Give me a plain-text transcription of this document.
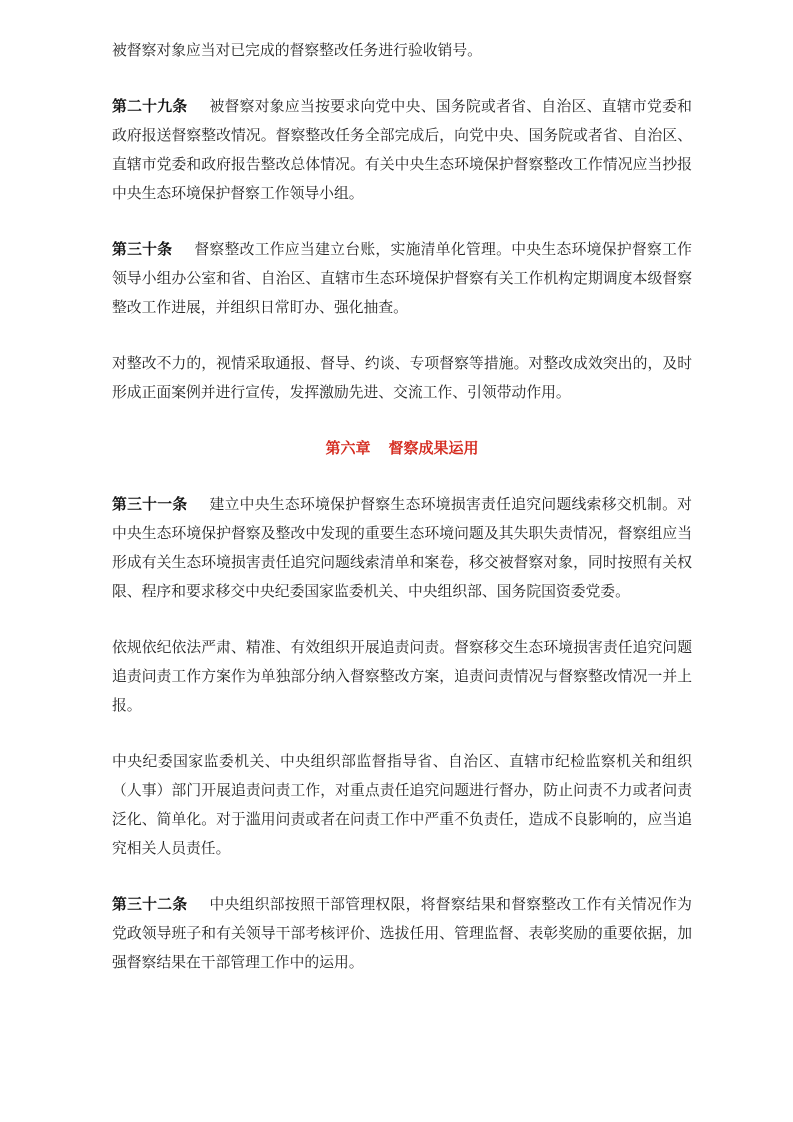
被督察对象应当对已完成的督察整改任务进行验收销号。

第二十九条 被督察对象应当按要求向党中央、国务院或者省、自治区、直辖市党委和政府报送督察整改情况。督察整改任务全部完成后，向党中央、国务院或者省、自治区、直辖市党委和政府报告整改总体情况。有关中央生态环境保护督察整改工作情况应当抄报中央生态环境保护督察工作领导小组。

第三十条 督察整改工作应当建立台账，实施清单化管理。中央生态环境保护督察工作领导小组办公室和省、自治区、直辖市生态环境保护督察有关工作机构定期调度本级督察整改工作进展，并组织日常盯办、强化抽查。

对整改不力的，视情采取通报、督导、约谈、专项督察等措施。对整改成效突出的，及时形成正面案例并进行宣传，发挥激励先进、交流工作、引领带动作用。

第六章 督察成果运用

第三十一条 建立中央生态环境保护督察生态环境损害责任追究问题线索移交机制。对中央生态环境保护督察及整改中发现的重要生态环境问题及其失职失责情况，督察组应当形成有关生态环境损害责任追究问题线索清单和案卷，移交被督察对象，同时按照有关权限、程序和要求移交中央纪委国家监委机关、中央组织部、国务院国资委党委。

依规依纪依法严肃、精准、有效组织开展追责问责。督察移交生态环境损害责任追究问题追责问责工作方案作为单独部分纳入督察整改方案，追责问责情况与督察整改情况一并上报。

中央纪委国家监委机关、中央组织部监督指导省、自治区、直辖市纪检监察机关和组织（人事）部门开展追责问责工作，对重点责任追究问题进行督办，防止问责不力或者问责泛化、简单化。对于滥用问责或者在问责工作中严重不负责任，造成不良影响的，应当追究相关人员责任。

第三十二条 中央组织部按照干部管理权限，将督察结果和督察整改工作有关情况作为党政领导班子和有关领导干部考核评价、选拔任用、管理监督、表彰奖励的重要依据，加强督察结果在干部管理工作中的运用。
